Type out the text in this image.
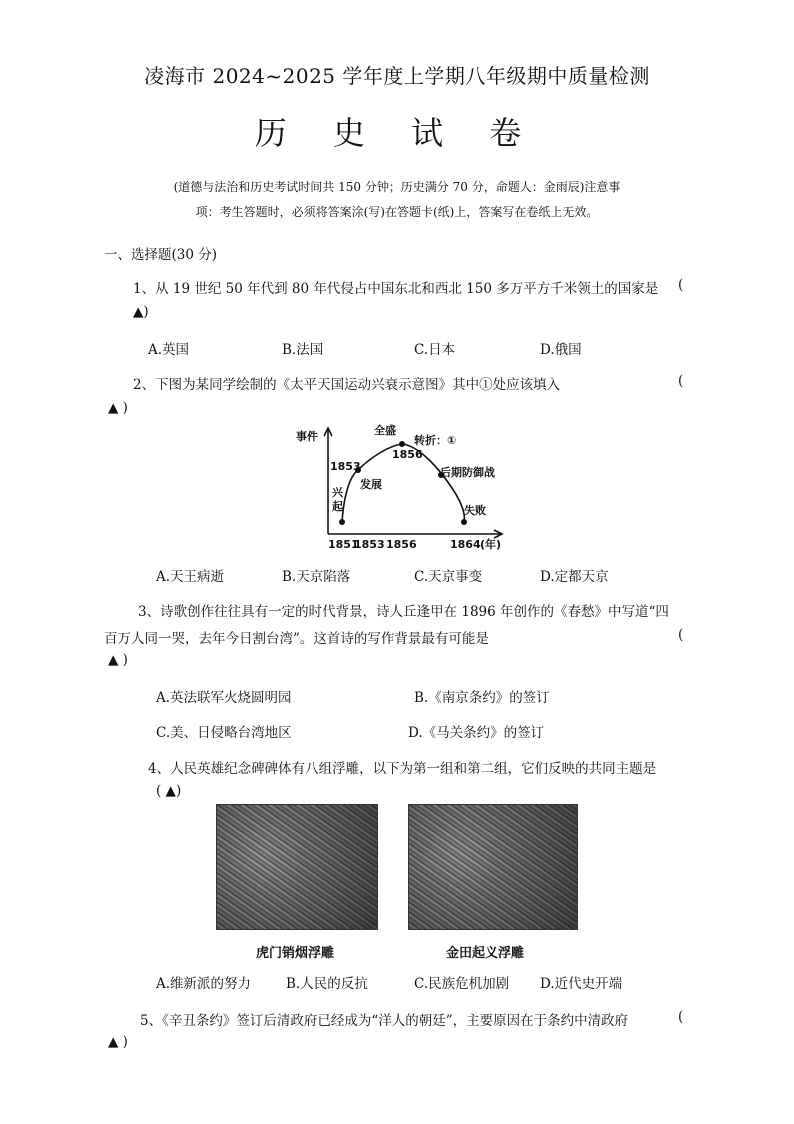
凌海市 2024~2025 学年度上学期八年级期中质量检测
历 史 试 卷
(道德与法治和历史考试时间共 150 分钟；历史满分 70 分，命题人：金雨辰)注意事
项：考生答题时，必须将答案涂(写)在答题卡(纸)上，答案写在卷纸上无效。
一、选择题(30 分)
1、从 19 世纪 50 年代到 80 年代侵占中国东北和西北 150 多万平方千米领土的国家是 (
▲)
A.英国	B.法国	C.日本	D.俄国
2、下图为某同学绘制的《太平天国运动兴衰示意图》其中①处应该填入	(
▲ )
事件
1853
兴
起
发展
全盛
1856
转折：①
后期防御战
失败
1851
1853 1856	1864 (年)
A.天王病逝	B.天京陷落	C.天京事变	D.定都天京
3、诗歌创作往往具有一定的时代背景，诗人丘逢甲在 1896 年创作的《春愁》中写道“四
百万人同一哭，去年今日割台湾”。这首诗的写作背景最有可能是	(
▲ )
A.英法联军火烧圆明园	B.《南京条约》的签订
C.美、日侵略台湾地区	D.《马关条约》的签订
4、人民英雄纪念碑碑体有八组浮雕，以下为第一组和第二组，它们反映的共同主题是
( ▲)
虎门销烟浮雕	金田起义浮雕
A.维新派的努力	B.人民的反抗	C.民族危机加剧 D.近代史开端
5、《辛丑条约》签订后清政府已经成为“洋人的朝廷”，主要原因在于条约中清政府	(
▲ )
